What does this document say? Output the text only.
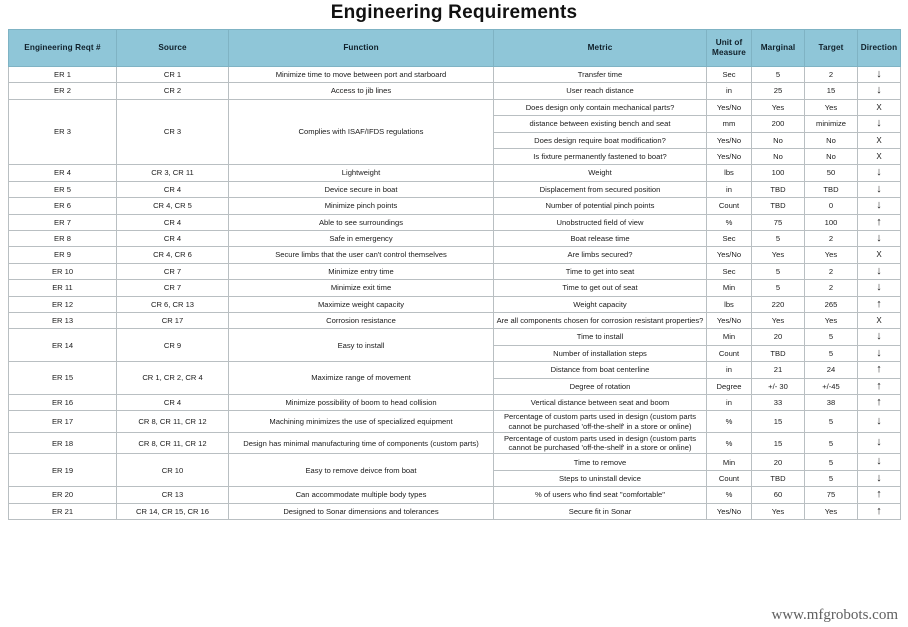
Engineering Requirements
Engineering Reqt #	Source	Function	Metric	Unit of Measure	Marginal	Target	Direction
ER 1	CR 1	Minimize time to move between port and starboard	Transfer time	Sec	5	2	↓
ER 2	CR 2	Access to jib lines	User reach distance	in	25	15	↓
ER 3	CR 3	Complies with ISAF/IFDS regulations	Does design only contain mechanical parts?	Yes/No	Yes	Yes	X
			distance between existing bench and seat	mm	200	minimize	↓
			Does design require boat modification?	Yes/No	No	No	X
			Is fixture permanently fastened to boat?	Yes/No	No	No	X
ER 4	CR 3, CR 11	Lightweight	Weight	lbs	100	50	↓
ER 5	CR 4	Device secure in boat	Displacement from secured position	in	TBD	TBD	↓
ER 6	CR 4, CR 5	Minimize pinch points	Number of potential pinch points	Count	TBD	0	↓
ER 7	CR 4	Able to see surroundings	Unobstructed field of view	%	75	100	↑
ER 8	CR 4	Safe in emergency	Boat release time	Sec	5	2	↓
ER 9	CR 4, CR 6	Secure limbs that the user can't control themselves	Are limbs secured?	Yes/No	Yes	Yes	X
ER 10	CR 7	Minimize entry time	Time to get into seat	Sec	5	2	↓
ER 11	CR 7	Minimize exit time	Time to get out of seat	Min	5	2	↓
ER 12	CR 6, CR 13	Maximize weight capacity	Weight capacity	lbs	220	265	↑
ER 13	CR 17	Corrosion resistance	Are all components chosen for corrosion resistant properties?	Yes/No	Yes	Yes	X
ER 14	CR 9	Easy to install	Time to install	Min	20	5	↓
			Number of installation steps	Count	TBD	5	↓
ER 15	CR 1, CR 2, CR 4	Maximize range of movement	Distance from boat centerline	in	21	24	↑
			Degree of rotation	Degree	+/- 30	+/-45	↑
ER 16	CR 4	Minimize possibility of boom to head collision	Vertical distance between seat and boom	in	33	38	↑
ER 17	CR 8, CR 11, CR 12	Machining minimizes the use of specialized equipment	Percentage of custom parts used in design (custom parts cannot be purchased 'off-the-shelf' in a store or online)	%	15	5	↓
ER 18	CR 8, CR 11, CR 12	Design has minimal manufacturing time of components (custom parts)	Percentage of custom parts used in design (custom parts cannot be purchased 'off-the-shelf' in a store or online)	%	15	5	↓
ER 19	CR 10	Easy to remove deivce from boat	Time to remove	Min	20	5	↓
			Steps to uninstall device	Count	TBD	5	↓
ER 20	CR 13	Can accommodate multiple body types	% of users who find seat "comfortable"	%	60	75	↑
ER 21	CR 14, CR 15, CR 16	Designed to Sonar dimensions and tolerances	Secure fit in Sonar	Yes/No	Yes	Yes	↑
www.mfgrobots.com
